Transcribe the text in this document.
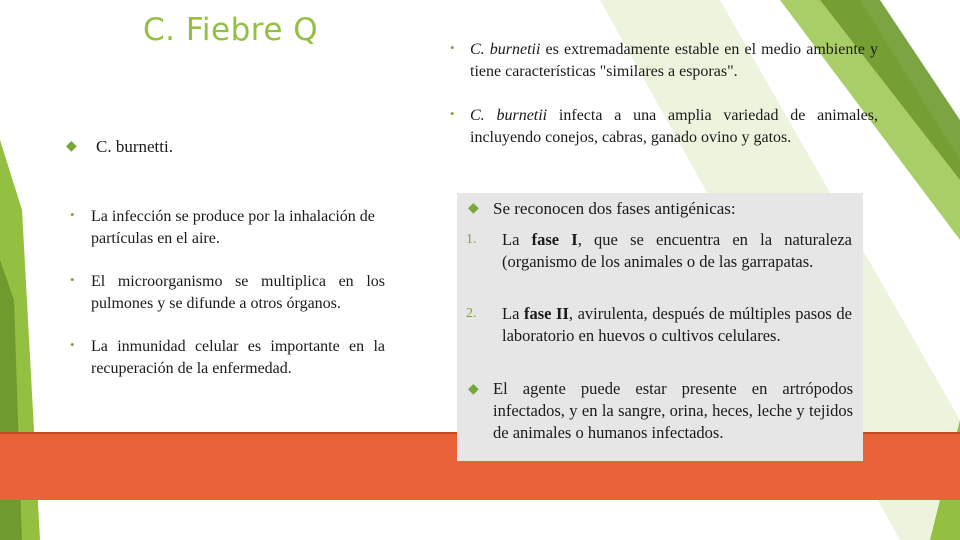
C. Fiebre Q
◆ C. burnetti.
• La infección se produce por la inhalación de partículas en el aire.
• El microorganismo se multiplica en los pulmones y se difunde a otros órganos.
• La inmunidad celular es importante en la recuperación de la enfermedad.
• C. burnetii es extremadamente estable en el medio ambiente y tiene características "similares a esporas".
• C. burnetii infecta a una amplia variedad de animales, incluyendo conejos, cabras, ganado ovino y gatos.
◆ Se reconocen dos fases antigénicas:
1. La fase I, que se encuentra en la naturaleza (organismo de los animales o de las garrapatas.
2. La fase II, avirulenta, después de múltiples pasos de laboratorio en huevos o cultivos celulares.
◆ El agente puede estar presente en artrópodos infectados, y en la sangre, orina, heces, leche y tejidos de animales o humanos infectados.
